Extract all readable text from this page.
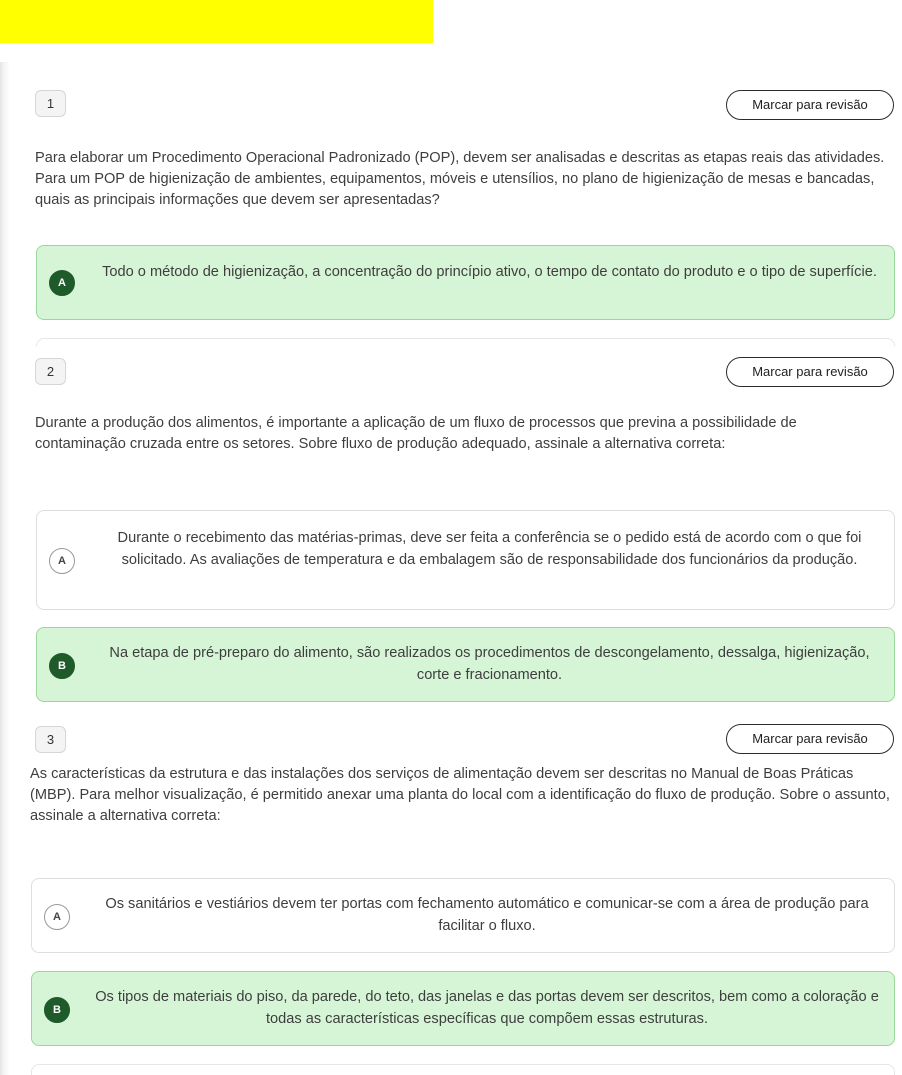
1	Marcar para revisão

Para elaborar um Procedimento Operacional Padronizado (POP), devem ser analisadas e descritas as etapas reais das atividades. Para um POP de higienização de ambientes, equipamentos, móveis e utensílios, no plano de higienização de mesas e bancadas, quais as principais informações que devem ser apresentadas?

A
Todo o método de higienização, a concentração do princípio ativo, o tempo de contato do produto e o tipo de superfície.
2	Marcar para revisão

Durante a produção dos alimentos, é importante a aplicação de um fluxo de processos que previna a possibilidade de contaminação cruzada entre os setores. Sobre fluxo de produção adequado, assinale a alternativa correta:

A
Durante o recebimento das matérias-primas, deve ser feita a conferência se o pedido está de acordo com o que foi solicitado. As avaliações de temperatura e da embalagem são de responsabilidade dos funcionários da produção.
B
Na etapa de pré-preparo do alimento, são realizados os procedimentos de descongelamento, dessalga, higienização, corte e fracionamento.
3	Marcar para revisão

As características da estrutura e das instalações dos serviços de alimentação devem ser descritas no Manual de Boas Práticas (MBP). Para melhor visualização, é permitido anexar uma planta do local com a identificação do fluxo de produção. Sobre o assunto, assinale a alternativa correta:

A
Os sanitários e vestiários devem ter portas com fechamento automático e comunicar-se com a área de produção para facilitar o fluxo.
B
Os tipos de materiais do piso, da parede, do teto, das janelas e das portas devem ser descritos, bem como a coloração e todas as características específicas que compõem essas estruturas.
